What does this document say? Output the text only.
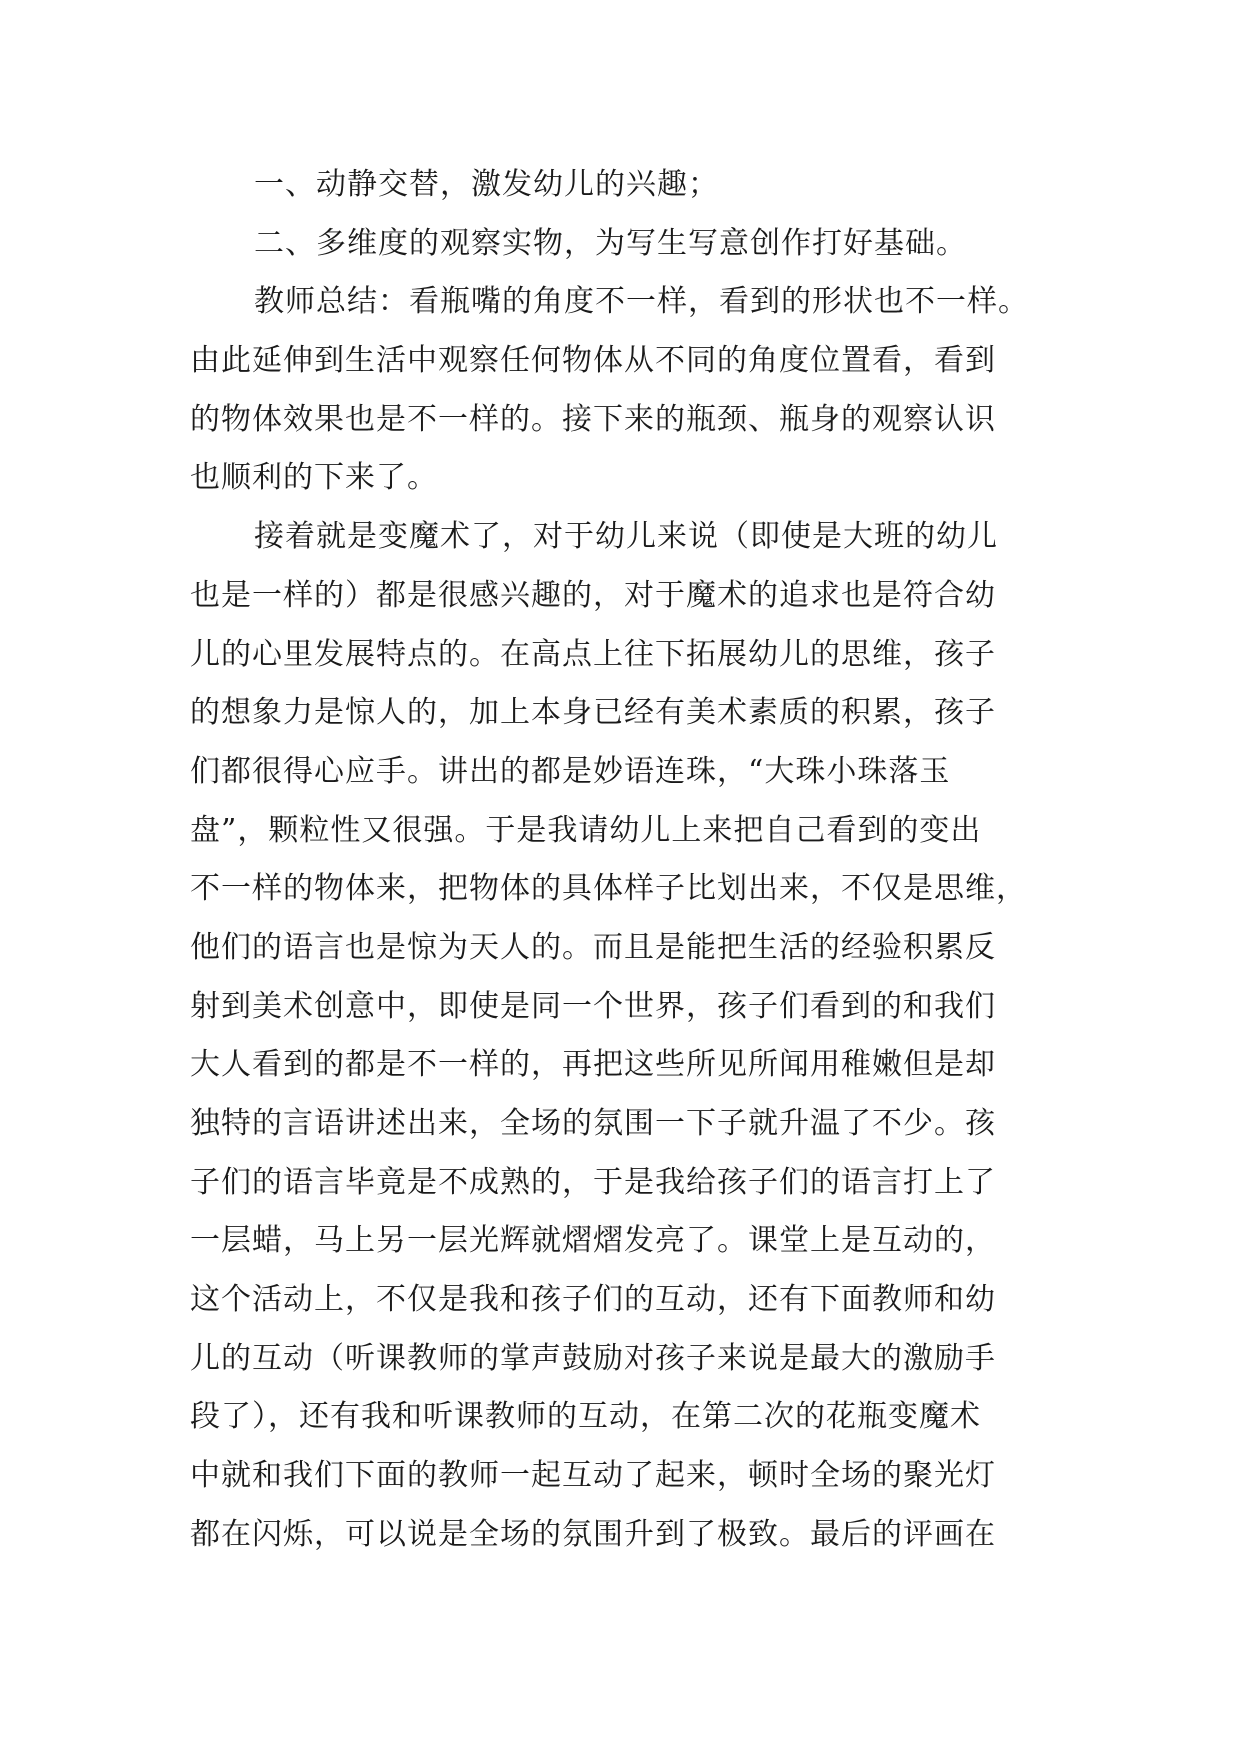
一、动静交替，激发幼儿的兴趣；
二、多维度的观察实物，为写生写意创作打好基础。
教师总结：看瓶嘴的角度不一样，看到的形状也不一样。
由此延伸到生活中观察任何物体从不同的角度位置看，看到
的物体效果也是不一样的。接下来的瓶颈、瓶身的观察认识
也顺利的下来了。
接着就是变魔术了，对于幼儿来说（即使是大班的幼儿
也是一样的）都是很感兴趣的，对于魔术的追求也是符合幼
儿的心里发展特点的。在高点上往下拓展幼儿的思维，孩子
的想象力是惊人的，加上本身已经有美术素质的积累，孩子
们都很得心应手。讲出的都是妙语连珠，“大珠小珠落玉
盘”，颗粒性又很强。于是我请幼儿上来把自己看到的变出
不一样的物体来，把物体的具体样子比划出来，不仅是思维，
他们的语言也是惊为天人的。而且是能把生活的经验积累反
射到美术创意中，即使是同一个世界，孩子们看到的和我们
大人看到的都是不一样的，再把这些所见所闻用稚嫩但是却
独特的言语讲述出来，全场的氛围一下子就升温了不少。孩
子们的语言毕竟是不成熟的，于是我给孩子们的语言打上了
一层蜡，马上另一层光辉就熠熠发亮了。课堂上是互动的，
这个活动上，不仅是我和孩子们的互动，还有下面教师和幼
儿的互动（听课教师的掌声鼓励对孩子来说是最大的激励手
段了），还有我和听课教师的互动，在第二次的花瓶变魔术
中就和我们下面的教师一起互动了起来，顿时全场的聚光灯
都在闪烁，可以说是全场的氛围升到了极致。最后的评画在
